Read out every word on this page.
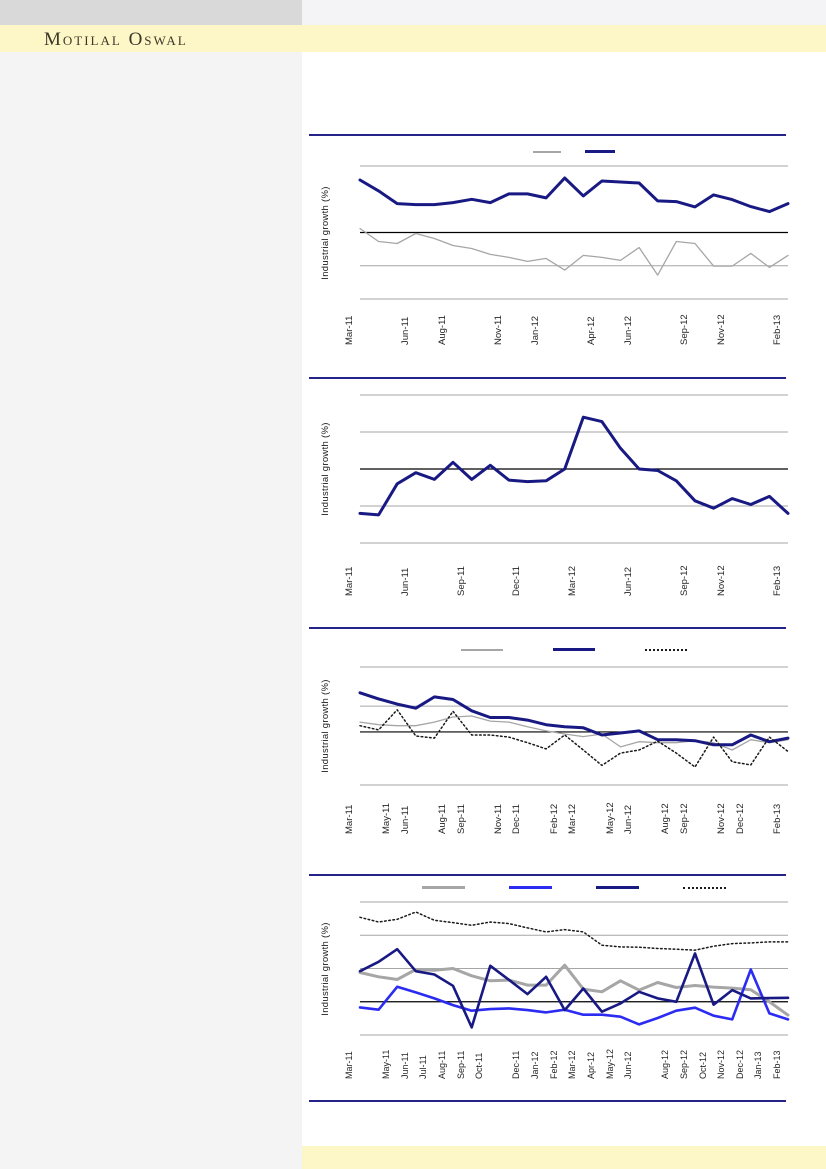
Motilal Oswal
Industrial growth (%)
Mar-11	Jun-11	Aug-11	Nov-11	Jan-12	Apr-12	Jun-12	Sep-12	Nov-12	Feb-13
Industrial growth (%)
Mar-11	Jun-11	Sep-11	Dec-11	Mar-12	Jun-12	Sep-12	Nov-12	Feb-13
Industrial growth (%)
Mar-11	May-11 Jun-11	Aug-11 Sep-11	Nov-11 Dec-11	Feb-12 Mar-12	May-12 Jun-12	Aug-12 Sep-12	Nov-12 Dec-12	Feb-13
Industrial growth (%)
Mar-11	May-11 Jun-11 Jul-11 Aug-11 Sep-11 Oct-11	Dec-11 Jan-12 Feb-12 Mar-12 Apr-12 May-12 Jun-12	Aug-12 Sep-12 Oct-12 Nov-12 Dec-12 Jan-13 Feb-13
